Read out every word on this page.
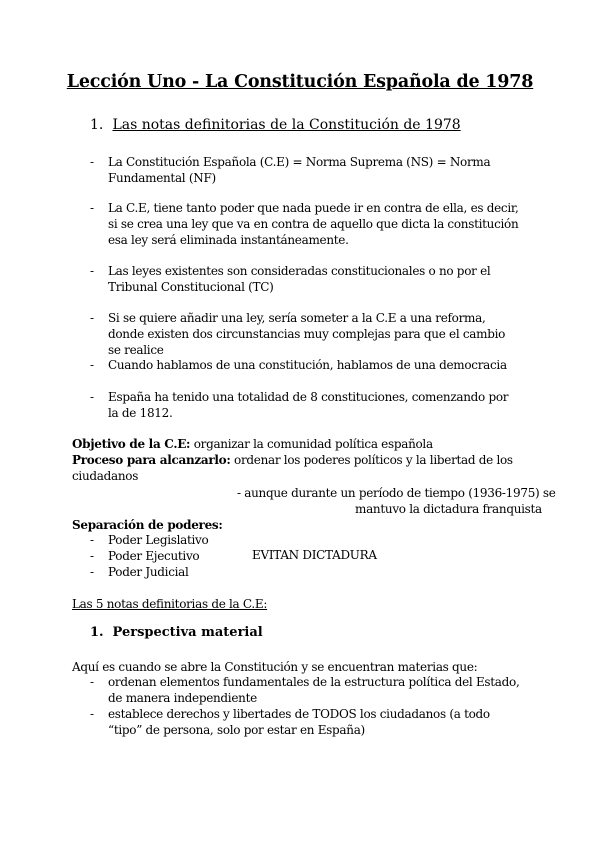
Lección Uno - La Constitución Española de 1978
1. Las notas definitorias de la Constitución de 1978
- La Constitución Española (C.E) = Norma Suprema (NS) = Norma Fundamental (NF)
- La C.E, tiene tanto poder que nada puede ir en contra de ella, es decir, si se crea una ley que va en contra de aquello que dicta la constitución esa ley será eliminada instantáneamente.
- Las leyes existentes son consideradas constitucionales o no por el Tribunal Constitucional (TC)
- Si se quiere añadir una ley, sería someter a la C.E a una reforma, donde existen dos circunstancias muy complejas para que el cambio se realice
- Cuando hablamos de una constitución, hablamos de una democracia
- España ha tenido una totalidad de 8 constituciones, comenzando por la de 1812.
Objetivo de la C.E: organizar la comunidad política española
Proceso para alcanzarlo: ordenar los poderes políticos y la libertad de los ciudadanos
- aunque durante un período de tiempo (1936-1975) se
mantuvo la dictadura franquista
Separación de poderes:
- Poder Legislativo
- Poder Ejecutivo
- Poder Judicial
EVITAN DICTADURA
Las 5 notas definitorias de la C.E:
1. Perspectiva material
Aquí es cuando se abre la Constitución y se encuentran materias que:
- ordenan elementos fundamentales de la estructura política del Estado, de manera independiente
- establece derechos y libertades de TODOS los ciudadanos (a todo “tipo” de persona, solo por estar en España)
